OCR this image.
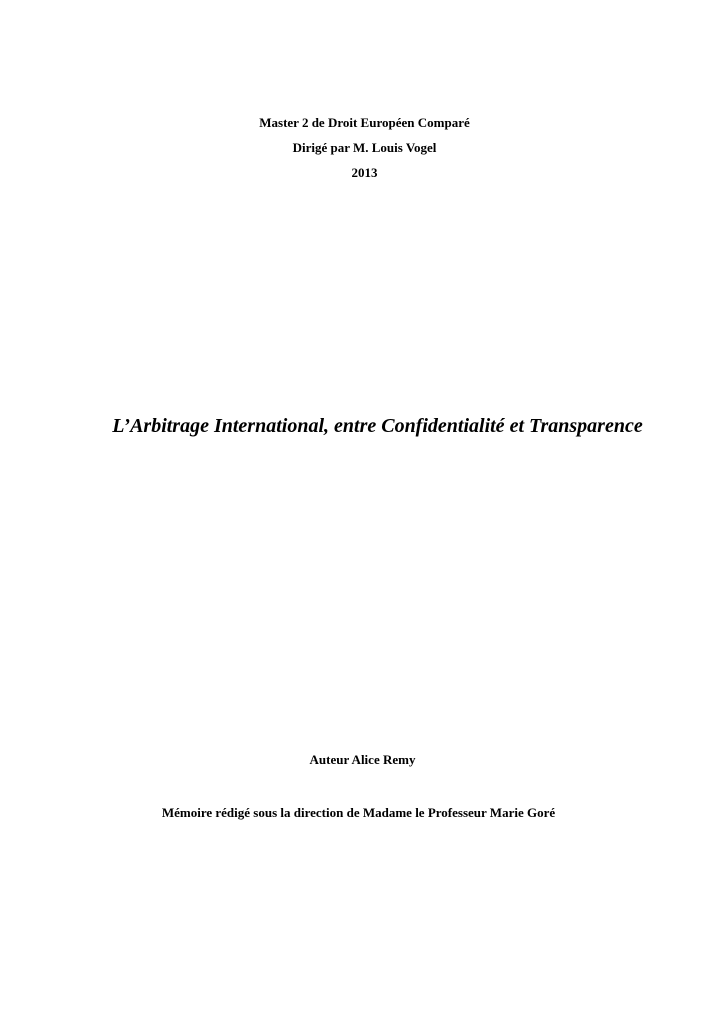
Master 2 de Droit Européen Comparé
Dirigé par M. Louis Vogel
2013
L’Arbitrage International, entre Confidentialité et Transparence
Auteur Alice Remy
Mémoire rédigé sous la direction de Madame le Professeur Marie Goré
